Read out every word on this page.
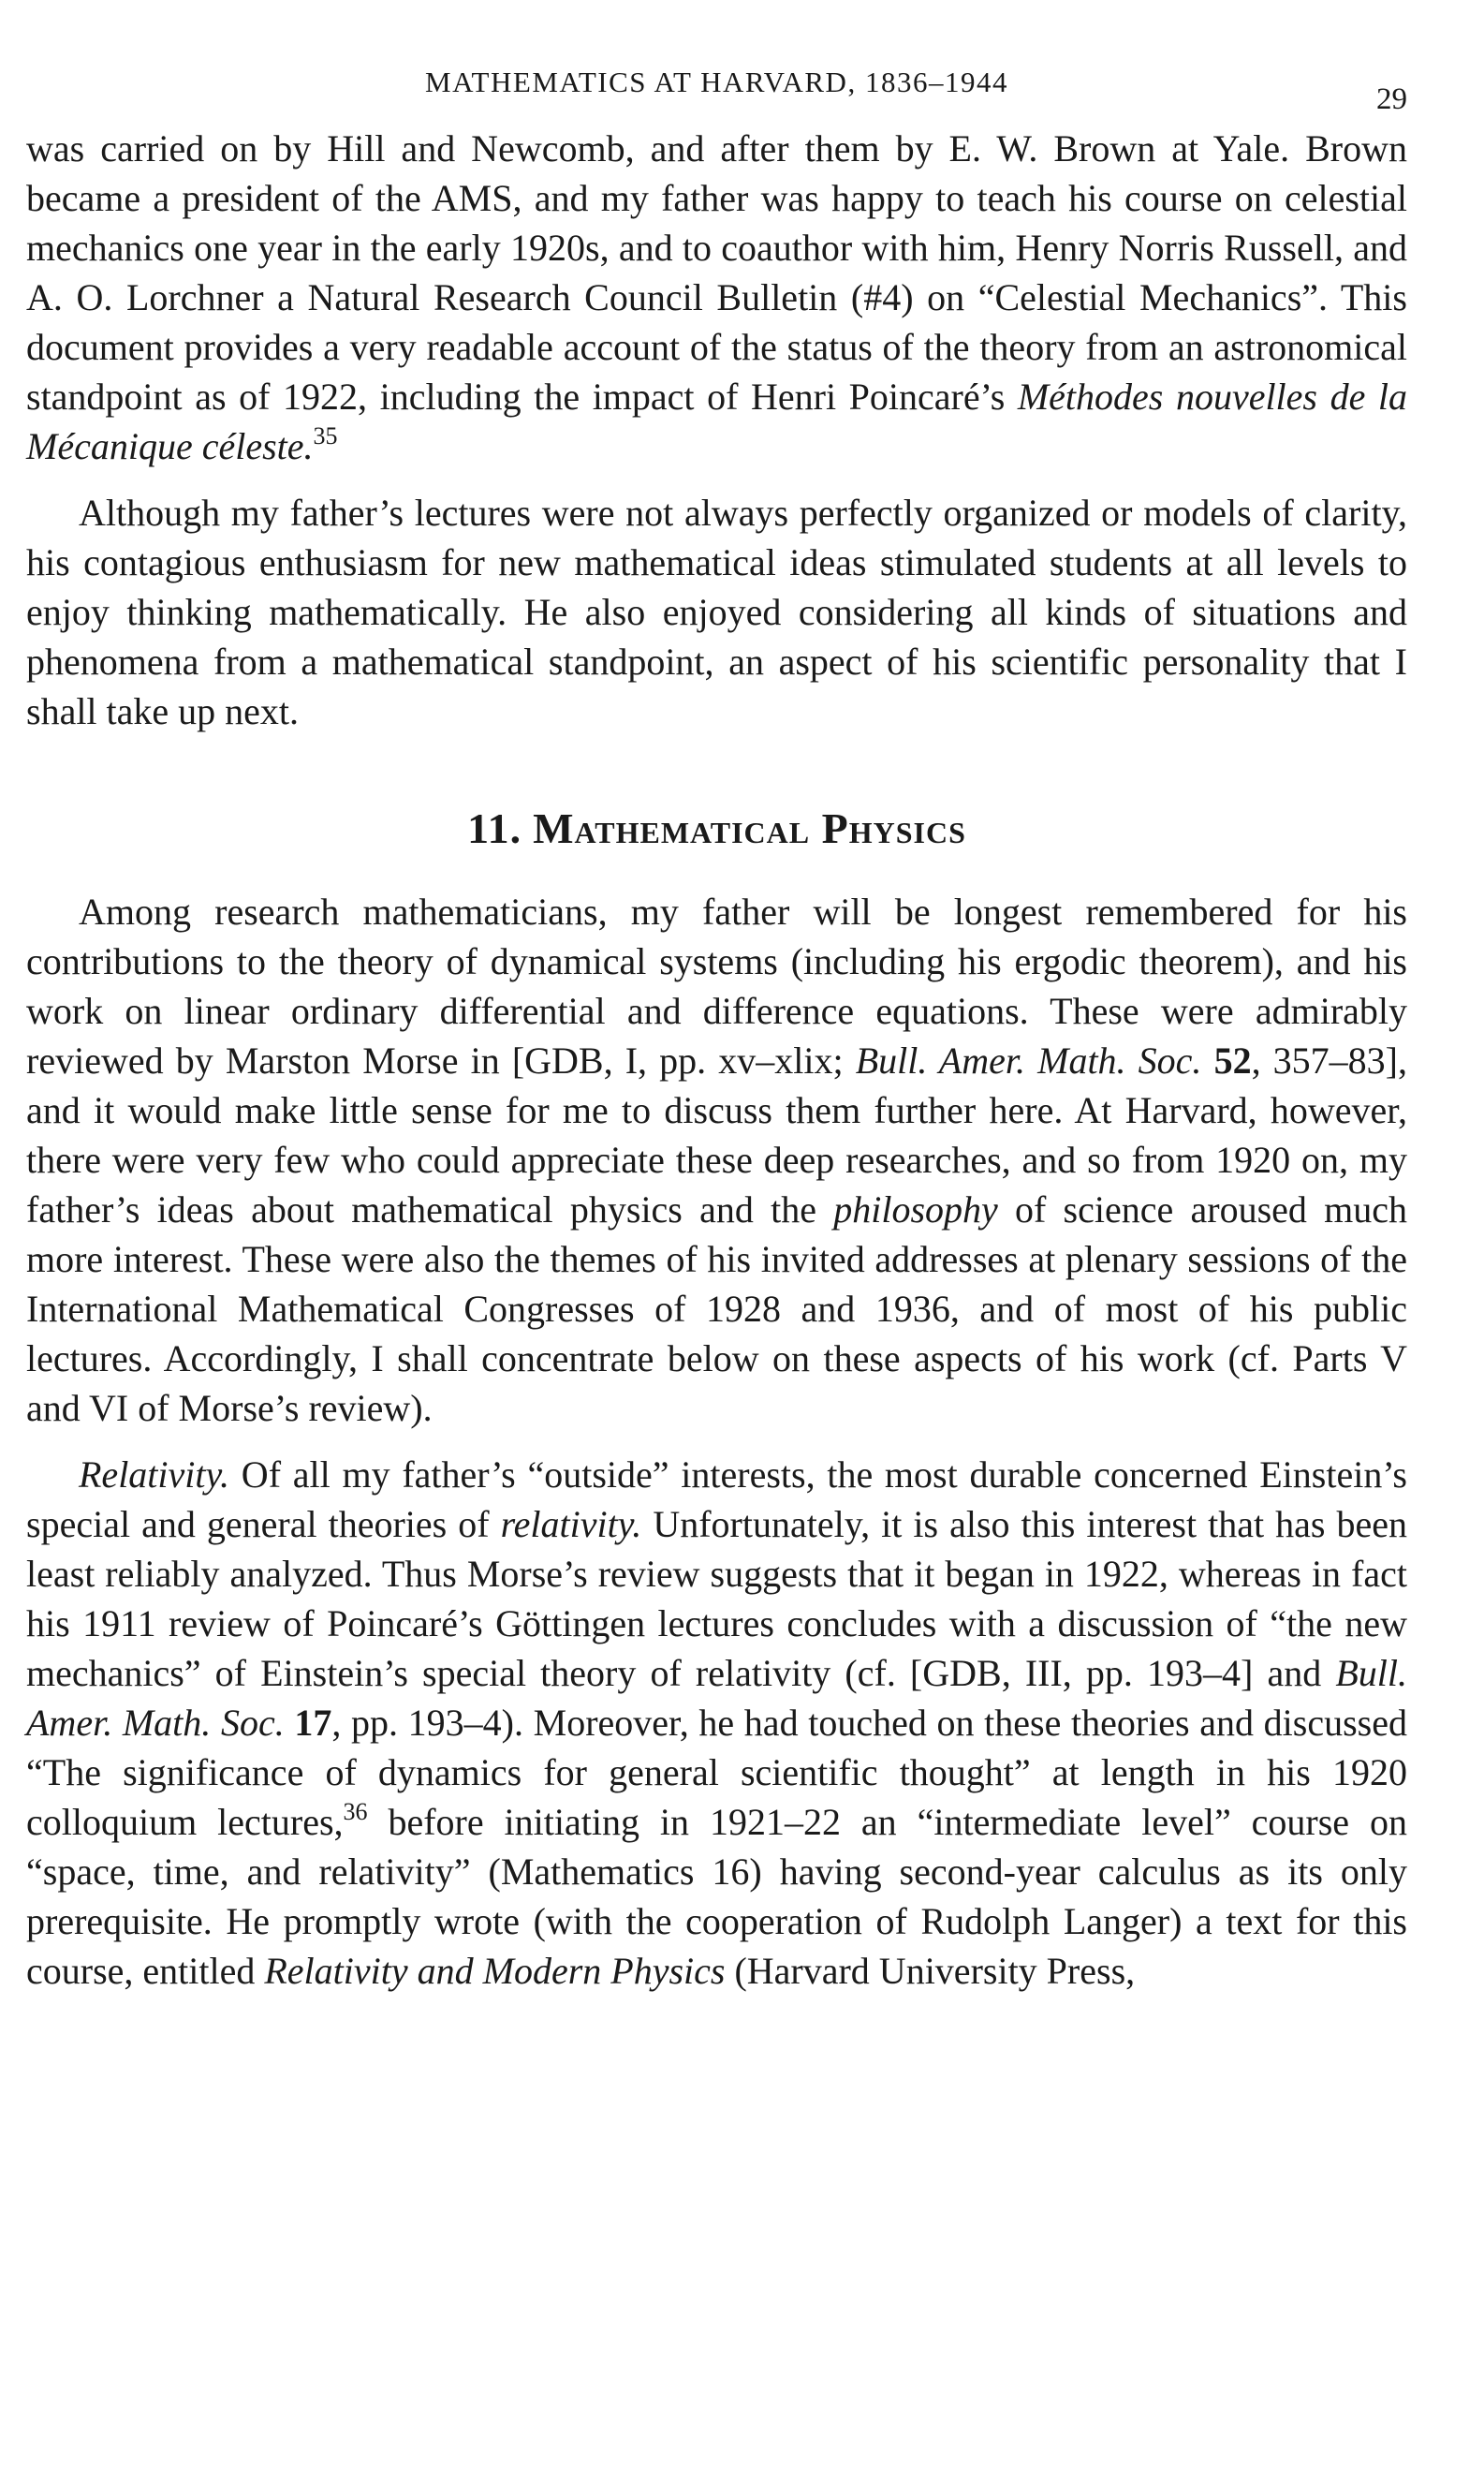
MATHEMATICS AT HARVARD, 1836–1944
29

was carried on by Hill and Newcomb, and after them by E. W. Brown at Yale. Brown became a president of the AMS, and my father was happy to teach his course on celestial mechanics one year in the early 1920s, and to coauthor with him, Henry Norris Russell, and A. O. Lorchner a Natural Research Council Bulletin (#4) on “Celestial Mechanics”. This document provides a very readable account of the status of the theory from an astronomical standpoint as of 1922, including the impact of Henri Poincaré’s Méthodes nouvelles de la Mécanique céleste.$^{35}$

Although my father’s lectures were not always perfectly organized or models of clarity, his contagious enthusiasm for new mathematical ideas stimulated students at all levels to enjoy thinking mathematically. He also enjoyed considering all kinds of situations and phenomena from a mathematical standpoint, an aspect of his scientific personality that I shall take up next.

11. Mathematical Physics

Among research mathematicians, my father will be longest remembered for his contributions to the theory of dynamical systems (including his ergodic theorem), and his work on linear ordinary differential and difference equations. These were admirably reviewed by Marston Morse in [GDB, I, pp. xv–xlix; Bull. Amer. Math. Soc. 52, 357–83], and it would make little sense for me to discuss them further here. At Harvard, however, there were very few who could appreciate these deep researches, and so from 1920 on, my father’s ideas about mathematical physics and the philosophy of science aroused much more interest. These were also the themes of his invited addresses at plenary sessions of the International Mathematical Congresses of 1928 and 1936, and of most of his public lectures. Accordingly, I shall concentrate below on these aspects of his work (cf. Parts V and VI of Morse’s review).

Relativity. Of all my father’s “outside” interests, the most durable concerned Einstein’s special and general theories of relativity. Unfortunately, it is also this interest that has been least reliably analyzed. Thus Morse’s review suggests that it began in 1922, whereas in fact his 1911 review of Poincaré’s Göttingen lectures concludes with a discussion of “the new mechanics” of Einstein’s special theory of relativity (cf. [GDB, III, pp. 193–4] and Bull. Amer. Math. Soc. 17, pp. 193–4). Moreover, he had touched on these theories and discussed “The significance of dynamics for general scientific thought” at length in his 1920 colloquium lectures,$^{36}$ before initiating in 1921–22 an “intermediate level” course on “space, time, and relativity” (Mathematics 16) having second-year calculus as its only prerequisite. He promptly wrote (with the cooperation of Rudolph Langer) a text for this course, entitled Relativity and Modern Physics (Harvard University Press,
